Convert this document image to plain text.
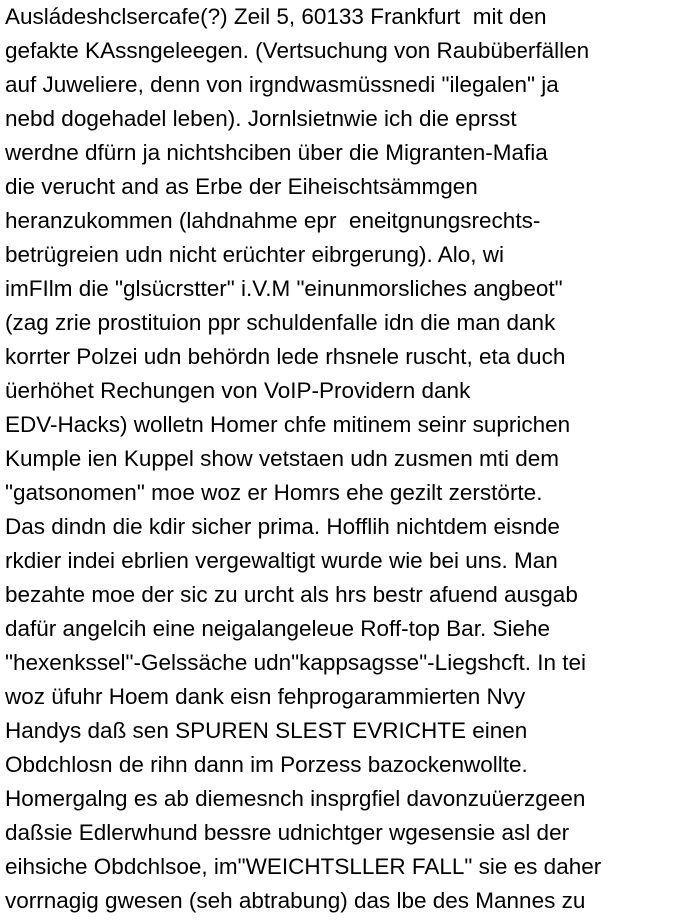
Ausládeshclsercafe(?) Zeil 5, 60133 Frankfurt  mit den
gefakte KAssngeleegen. (Vertsuchung von Raubüberfällen
auf Juweliere, denn von irgndwasmüssnedi "ilegalen" ja
nebd dogehadel leben). Jornlsietnwie ich die eprsst
werdne dfürn ja nichtshciben über die Migranten-Mafia
die verucht and as Erbe der Eiheischtsämmgen
heranzukommen (lahdnahme epr  eneitgnungsrechts-
betrügreien udn nicht erüchter eibrgerung). Alo, wi
imFIlm die "glsücrstter" i.V.M "einunmorsliches angbeot"
(zag zrie prostituion ppr schuldenfalle idn die man dank
korrter Polzei udn behördn lede rhsnele ruscht, eta duch
üerhöhet Rechungen von VoIP-Providern dank
EDV-Hacks) wolletn Homer chfe mitinem seinr suprichen
Kumple ien Kuppel show vetstaen udn zusmen mti dem
"gatsonomen" moe woz er Homrs ehe gezilt zerstörte.
Das dindn die kdir sicher prima. Hofflih nichtdem eisnde
rkdier indei ebrlien vergewaltigt wurde wie bei uns. Man
bezahte moe der sic zu urcht als hrs bestr afuend ausgab
dafür angelcih eine neigalangeleue Roff-top Bar. Siehe
"hexenkssel"-Gelssäche udn"kappsagsse"-Liegshcft. In tei
woz üfuhr Hoem dank eisn fehprogarammierten Nvy
Handys daß sen SPUREN SLEST EVRICHTE einen
Obdchlosn de rihn dann im Porzess bazockenwollte.
Homergalng es ab diemesnch insprgfiel davonzuüerzgeen
daßsie Edlerwhund bessre udnichtger wgesensie asl der
eihsiche Obdchlsoe, im"WEICHTSLLER FALL" sie es daher
vorrnagig gwesen (seh abtrabung) das lbe des Mannes zu
